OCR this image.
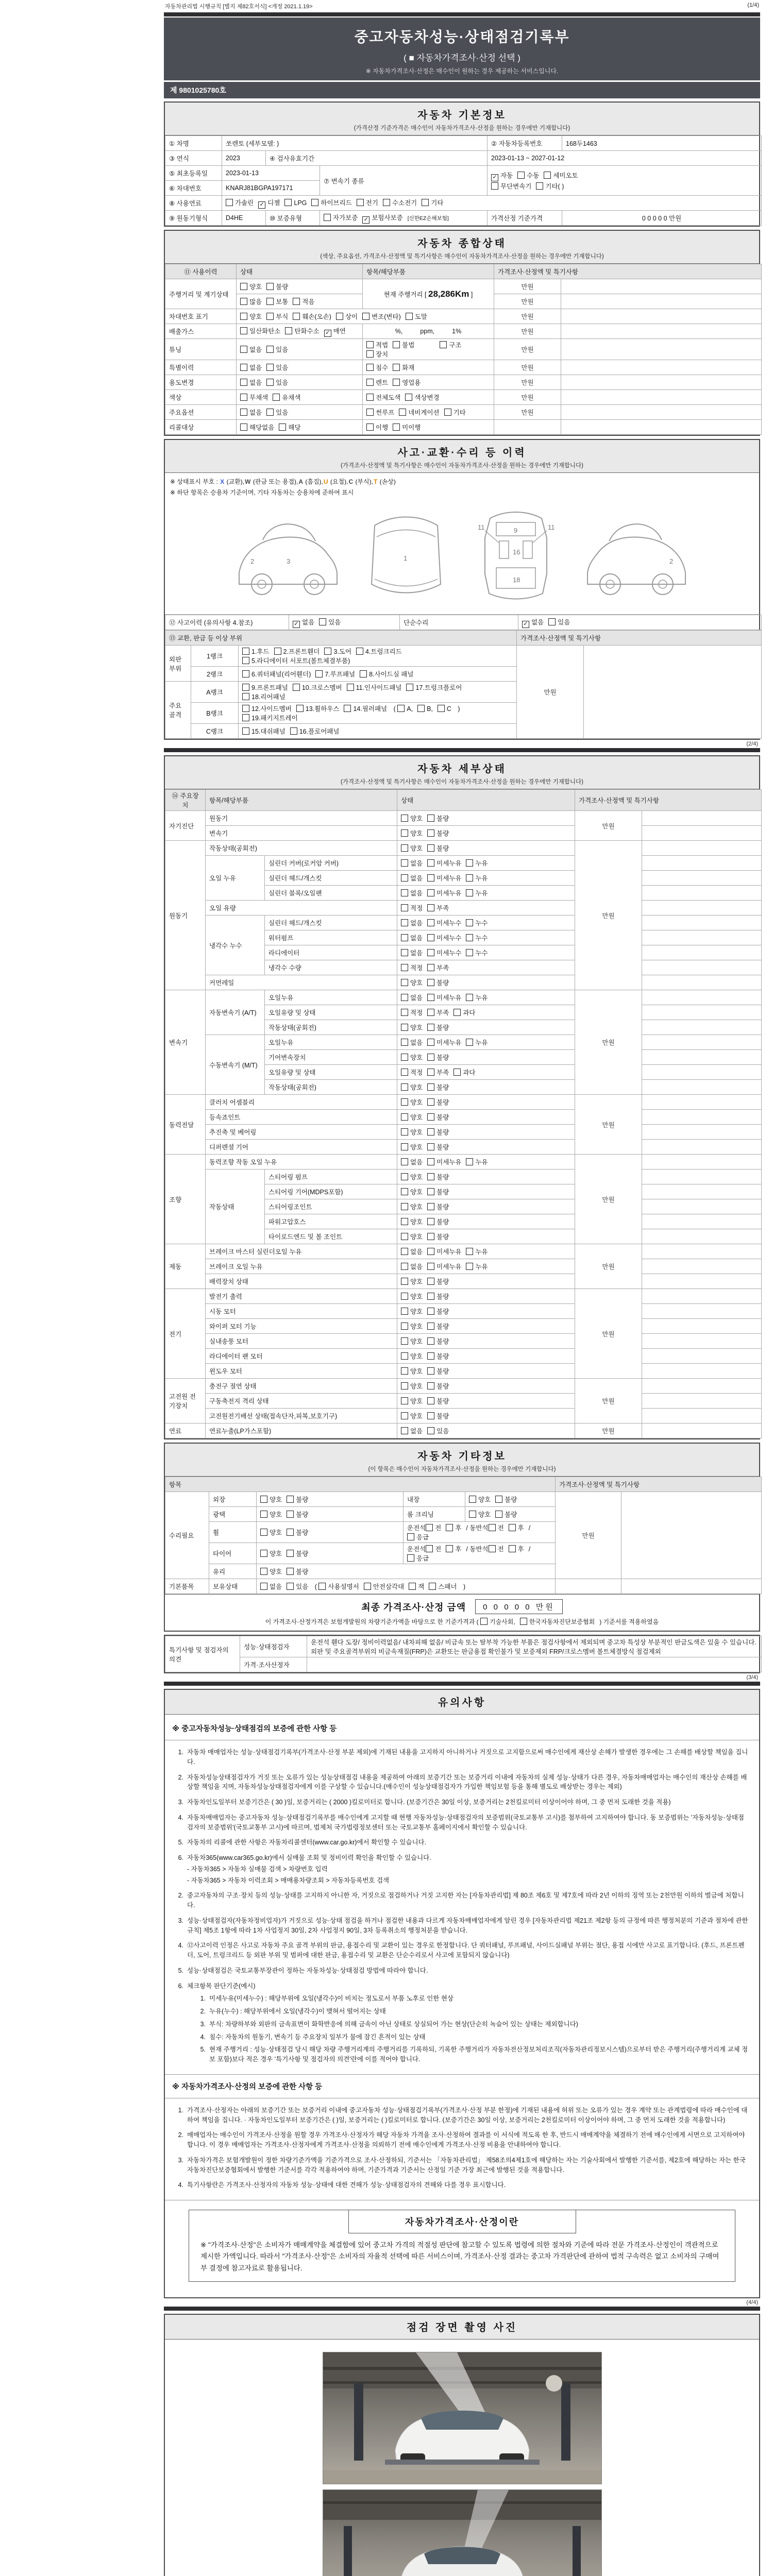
자동차관리법 시행규칙 [별지 제82호서식] <개정 2021.1.19>	(1/4)
중고자동차성능·상태점검기록부
( ■ 자동차가격조사·산정 선택 )
※ 자동차가격조사·산정은 매수인이 원하는 경우 제공하는 서비스입니다.
제 9801025780호
자동차 기본정보
(가격산정 기준가격은 매수인이 자동차가격조사·산정을 원하는 경우에만 기재합니다)
① 차명	쏘렌토 (세부모델: )			② 자동차등록번호	168두1463
③ 연식	2023	④ 검사유효기간		2023-01-13 ~ 2027-01-12	
⑤ 최초등록일	2023-01-13		⑦ 변속기 종류	✓ 자동 수동 세미오토
무단변속기 기타( )	
⑥ 차대번호	KNARJ81BGPA197171				
⑧ 사용연료	가솔린 ✓ 디젤 LPG 하이브리드 전기 수소전기 기타				
⑨ 원동기형식	D4HE	⑩ 보증유형	자가보증 ✓ 보험사보증 [신한EZ손해보험]	가격산정 기준가격	0 0 0 0 0 만원
자동차 종합상태
(색상, 주요옵션, 가격조사·산정액 및 특기사항은 매수인이 자동차가격조사·산정을 원하는 경우에만 기재합니다)
⑪ 사용이력	상태	항목/해당부품	가격조사·산정액 및 특기사항	
주행거리 및 계기상태	양호 불량	현재 주행거리 [ 28,286Km ]	만원	
	많음 보통 적음		만원	
차대번호 표기	양호 부식 훼손(오손) 상이 변조(변타) 도말		만원	
배출가스	일산화탄소 탄화수소 ✓ 매연	%, ppm, 1%	만원	
튜닝	없음 있음	적법 불법 구조장치	만원	
특별이력	없음 있음	침수 화재	만원	
용도변경	없음 있음	렌트 영업용	만원	
색상	무채색 유채색	전체도색 색상변경	만원	
주요옵션	없음 있음	썬루프 네비게이션 기타	만원	
리콜대상	해당없음 해당	이행 미이행		
사고·교환·수리 등 이력
(가격조사·산정액 및 특기사항은 매수인이 자동차가격조사·산정을 원하는 경우에만 기재합니다)
※ 상태표시 부호 : X (교환),W (판금 또는 용접),A (흠집),U (요철),C (부식),T (손상)
※ 하단 항목은 승용차 기준이며, 기타 자동차는 승용차에 준하여 표시
2	3	1
11	11
9
16
18
2
⑫ 사고이력 (유의사항 4.참조)	✓ 없음 있음	단순수리	✓ 없음 있음
⑬ 교환, 판금 등 이상 부위			가격조사·산정액 및 특기사항	
외판 부위	1랭크	1.후드 2.프론트휀더 3.도어 4.트렁크리드
5.라디에이터 서포트(볼트체결부품)	만원	
	2랭크	6.쿼터패널(리어휀더) 7.루프패널 8.사이드실 패널		
주요 골격	A랭크	9.프론트패널 10.크로스멤버 11.인사이드패널 17.트렁크플로어
18.리어패널		
	B랭크	12.사이드멤버 13.휠하우스 14.필러패널 ( A, B, C )
19.패키지트레이		
	C랭크	15.대쉬패널 16.플로어패널		
(2/4)
자동차 세부상태
(가격조사·산정액 및 특기사항은 매수인이 자동차가격조사·산정을 원하는 경우에만 기재합니다)
⑭ 주요장치	항목/해당부품		상태	가격조사·산정액 및 특기사항	
자기진단	원동기		양호 불량	만원	
	변속기		양호 불량		
원동기	작동상태(공회전)		양호 불량	만원	
	오일 누유	실린더 커버(로커암 커버)	없음 미세누유 누유		
		실린더 헤드/개스킷	없음 미세누유 누유		
		실린더 블록/오일팬	없음 미세누유 누유		
	오일 유량		적정 부족		
	냉각수 누수	실린더 헤드/개스킷	없음 미세누수 누수		
		워터펌프	없음 미세누수 누수		
		라디에이터	없음 미세누수 누수		
		냉각수 수량	적정 부족		
	커먼레일		양호 불량		
변속기	자동변속기 (A/T)	오일누유	없음 미세누유 누유	만원	
		오일유량 및 상태	적정 부족 과다		
		작동상태(공회전)	양호 불량		
	수동변속기 (M/T)	오일누유	없음 미세누유 누유		
		기어변속장치	양호 불량		
		오일유량 및 상태	적정 부족 과다		
		작동상태(공회전)	양호 불량		
동력전달	클러치 어셈블리		양호 불량	만원	
	등속죠인트		양호 불량		
	추진축 및 베어링		양호 불량		
	디퍼렌셜 기어		양호 불량		
조향	동력조향 작동 오일 누유		없음 미세누유 누유	만원	
	작동상태	스티어링 펌프	양호 불량		
		스티어링 기어(MDPS포함)	양호 불량		
		스티어링조인트	양호 불량		
		파워고압호스	양호 불량		
		타이로드엔드 및 볼 조인트	양호 불량		
제동	브레이크 마스터 실린더오일 누유		없음 미세누유 누유	만원	
	브레이크 오일 누유		없음 미세누유 누유		
	배력장치 상태		양호 불량		
전기	발전기 출력		양호 불량	만원	
	시동 모터		양호 불량		
	와이퍼 모터 기능		양호 불량		
	실내송풍 모터		양호 불량		
	라디에이터 팬 모터		양호 불량		
	윈도우 모터		양호 불량		
고전원 전기장치	충전구 절연 상태		양호 불량	만원	
	구동축전지 격리 상태		양호 불량		
	고전원전기배선 상태(접속단자,피복,보호기구)		양호 불량		
연료	연료누출(LP가스포함)		없음 있음	만원	
자동차 기타정보
(이 항목은 매수인이 자동차가격조사·산정을 원하는 경우에만 기재합니다)
항목					가격조사·산정액 및 특기사항	
수리필요	외장	양호 불량	내장	양호 불량	만원	
	광택	양호 불량	룸 크리닝	양호 불량		
	휠	양호 불량	운전석 전 후 / 동반석 전 후 / 응급			
	타이어	양호 불량	운전석 전 후 / 동반석 전 후 / 응급			
	유리	양호 불량				
기본품목	보유상태	없음 있음 ( 사용설명서 안전삼각대 잭 스패너 )				
최종 가격조사·산정 금액	0 0 0 0 0 만원
이 가격조사·산정가격은 보험개발원의 차량기준가액을 바탕으로 한 기준가격과 ( 기술사회, 한국자동차진단보증협회 ) 기준서를 적용하였음
특기사항 및 점검자의 의견	성능·상태점검자	운전석 휀다 도장/ 정비이력없음/ 내차피해 없음/ 비금속 또는 탈부착 가능한 부품은 점검사항에서 제외되며 중고차 특성상 부분적인 판금도색은 있을 수 있습니다. 외판 및 주요골격부위의 비금속재질(FRP)은 교환또는 판금용접 확인불가 및 보증제외 FRP/크로스멤버 볼트체결방식 점검제외
	가격·조사산정자	
(3/4)
유의사항
※ 중고자동차성능·상태점검의 보증에 관한 사항 등
1. 자동차 매매업자는 성능·상태점검기록부(가격조사·산정 부분 제외)에 기재된 내용을 고지하지 아니하거나 거짓으로 고지함으로써 매수인에게 재산상 손해가 발생한 경우에는 그 손해를 배상할 책임을 집니다.
2. 자동차성능상태점검자가 거짓 또는 오류가 있는 성능상태점검 내용을 제공하여 아래의 보증기간 또는 보증거리 이내에 자동차의 실제 성능·상태가 다른 경우, 자동차매매업자는 매수인의 재산상 손해를 배상할 책임을 지며, 자동차성능상태점검자에게 이를 구상할 수 있습니다.(매수인이 성능상태점검자가 가입한 책임보험 등을 통해 별도로 배상받는 경우는 제외)
3. 자동차인도일부터 보증기간은 ( 30 )일, 보증거리는 ( 2000 )킬로미터로 합니다. (보증기간은 30일 이상, 보증거리는 2천킬로미터 이상이어야 하며, 그 중 먼저 도래한 것을 적용)
4. 자동차매매업자는 중고자동차 성능·상태점검기록부를 매수인에게 고지할 때 현행 자동차성능·상태점검자의 보증범위(국토교통부 고시)를 첨부하여 고지하여야 합니다. 동 보증범위는 '자동차성능·상태점검자의 보증범위'(국토교통부 고시)에 따르며, 법제처 국가법령정보센터 또는 국토교통부 홈페이지에서 확인할 수 있습니다.
5. 자동차의 리콜에 관한 사항은 자동차리콜센터(www.car.go.kr)에서 확인할 수 있습니다.
6. 자동차365(www.car365.go.kr)에서 실매물 조회 및 정비이력 확인을 확인할 수 있습니다.
- 자동차365 > 자동차 실매물 검색 > 차량번호 입력
- 자동차365 > 자동차 이력조회 > 매매용차량조회 > 자동차등록번호 검색
2. 중고자동차의 구조·장치 등의 성능·상태를 고지하지 아니한 자, 거짓으로 점검하거나 거짓 고지한 자는 [자동차관리법] 제 80조 제6호 및 제7호에 따라 2년 이하의 징역 또는 2천만원 이하의 벌금에 처합니다.
3. 성능·상태점검자(자동차정비업자)가 거짓으로 성능·상태 점검을 하거나 점검한 내용과 다르게 자동차매매업자에게 알린 경우 [자동차관리법 제21조 제2항 등의 규정에 따른 행정처분의 기준과 절차에 관한 규칙] 제5조 1항에 따라 1차 사업정지 30일, 2차 사업정지 90일, 3차 등록취소의 행정처분을 받습니다.
4. ⑫사고이력 인정은 사고로 자동차 주요 골격 부위의 판금, 용접수리 및 교환이 있는 경우로 한정합니다. 단 쿼터패널, 루프패널, 사이드실패널 부위는 절단, 용접 시에만 사고로 표기합니다. (후드, 프론트펜더, 도어, 트렁크리드 등 외판 부위 및 범퍼에 대한 판금, 용접수리 및 교환은 단순수리로서 사고에 포함되지 않습니다)
5. 성능·상태점검은 국토교통부장관이 정하는 자동차성능·상태점검 방법에 따라야 합니다.
6. 체크항목 판단기준(예시)
1. 미세누유(미세누수) : 해당부위에 오일(냉각수)이 비치는 정도로서 부품 노후로 인한 현상
2. 누유(누수) : 해당부위에서 오일(냉각수)이 맺혀서 떨어지는 상태
3. 부식: 차량하부와 외판의 금속표면이 화학반응에 의해 금속이 아닌 상태로 상실되어 가는 현상(단순히 녹슬어 있는 상태는 제외합니다)
4. 침수: 자동차의 원동기, 변속기 등 주요장치 일부가 물에 잠긴 흔적이 있는 상태
5. 현재 주행거리 : 성능·상태점검 당시 해당 차량 주행거리계의 주행거리를 기록하되, 기록한 주행거리가 자동차전산정보처리조직(자동차관리정보시스템)으로부터 받은 주행거리(주행거리계 교체 정보 포함)보다 적은 경우 '특기사항 및 점검자의 의견'란에 이를 적어야 합니다.
※ 자동차가격조사·산정의 보증에 관한 사항 등
1. 가격조사·산정자는 아래의 보증기간 또는 보증거리 이내에 중고자동차 성능·상태점검기록부(가격조사·산정 부분 한정)에 기재된 내용에 허위 또는 오류가 있는 경우 계약 또는 관계법령에 따라 매수인에 대하여 책임을 집니다. · 자동차인도일부터 보증기간은 ( )일, 보증거리는 ( )킬로미터로 합니다. (보증기간은 30일 이상, 보증거리는 2천킬로미터 이상이어야 하며, 그 중 먼저 도래한 것을 적용합니다)
2. 매매업자는 매수인이 가격조사·산정을 원할 경우 가격조사·산정자가 해당 자동차 가격을 조사·산정하여 결과를 이 서식에 적도록 한 후, 반드시 매매계약을 체결하기 전에 매수인에게 서면으로 고지하여야 합니다. 이 경우 매매업자는 가격조사·산정자에게 가격조사·산정을 의뢰하기 전에 매수인에게 가격조사·산정 비용을 안내하여야 합니다.
3. 자동차가격은 보험개발원이 정한 차량기준가액을 기준가격으로 조사·산정하되, 기준서는 「자동차관리법」 제58조의4제1호에 해당하는 자는 기술사회에서 발행한 기준서를, 제2호에 해당하는 자는 한국자동차진단보증협회에서 발행한 기준서를 각각 적용하여야 하며, 기준가격과 기준서는 산정일 기준 가장 최근에 발행된 것을 적용합니다.
4. 특기사항란은 가격조사·산정자의 자동차 성능·상태에 대한 견해가 성능·상태점검자의 견해와 다를 경우 표시합니다.
자동차가격조사·산정이란
※ "가격조사·산정"은 소비자가 매매계약을 체결함에 있어 중고차 가격의 적절성 판단에 참고할 수 있도록 법령에 의한 절차와 기준에 따라 전문 가격조사·산정인이 객관적으로 제시한 가액입니다. 따라서 "가격조사·산정"은 소비자의 자율적 선택에 따른 서비스이며, 가격조사·산정 결과는 중고차 가격판단에 관하여 법적 구속력은 없고 소비자의 구매여부 결정에 참고자료로 활용됩니다.
(4/4)
점검 장면 촬영 사진
